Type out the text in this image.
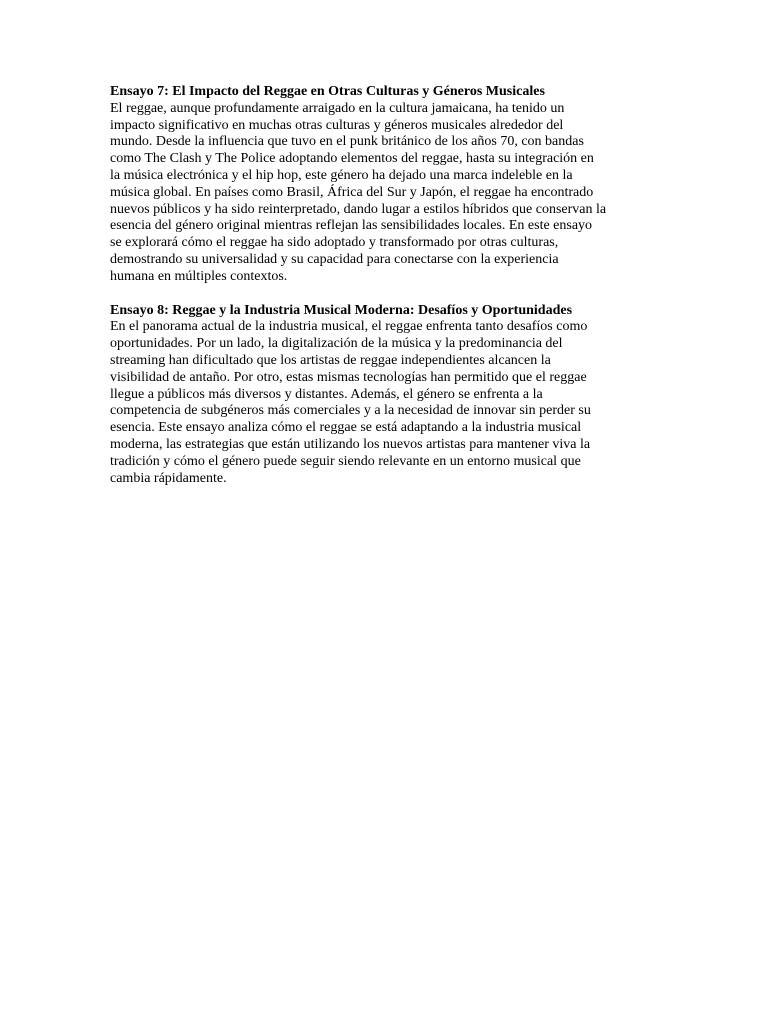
Ensayo 7: El Impacto del Reggae en Otras Culturas y Géneros Musicales

El reggae, aunque profundamente arraigado en la cultura jamaicana, ha tenido un
impacto significativo en muchas otras culturas y géneros musicales alrededor del
mundo. Desde la influencia que tuvo en el punk británico de los años 70, con bandas
como The Clash y The Police adoptando elementos del reggae, hasta su integración en
la música electrónica y el hip hop, este género ha dejado una marca indeleble en la
música global. En países como Brasil, África del Sur y Japón, el reggae ha encontrado
nuevos públicos y ha sido reinterpretado, dando lugar a estilos híbridos que conservan la
esencia del género original mientras reflejan las sensibilidades locales. En este ensayo
se explorará cómo el reggae ha sido adoptado y transformado por otras culturas,
demostrando su universalidad y su capacidad para conectarse con la experiencia
humana en múltiples contextos.

Ensayo 8: Reggae y la Industria Musical Moderna: Desafíos y Oportunidades

En el panorama actual de la industria musical, el reggae enfrenta tanto desafíos como
oportunidades. Por un lado, la digitalización de la música y la predominancia del
streaming han dificultado que los artistas de reggae independientes alcancen la
visibilidad de antaño. Por otro, estas mismas tecnologías han permitido que el reggae
llegue a públicos más diversos y distantes. Además, el género se enfrenta a la
competencia de subgéneros más comerciales y a la necesidad de innovar sin perder su
esencia. Este ensayo analiza cómo el reggae se está adaptando a la industria musical
moderna, las estrategias que están utilizando los nuevos artistas para mantener viva la
tradición y cómo el género puede seguir siendo relevante en un entorno musical que
cambia rápidamente.
